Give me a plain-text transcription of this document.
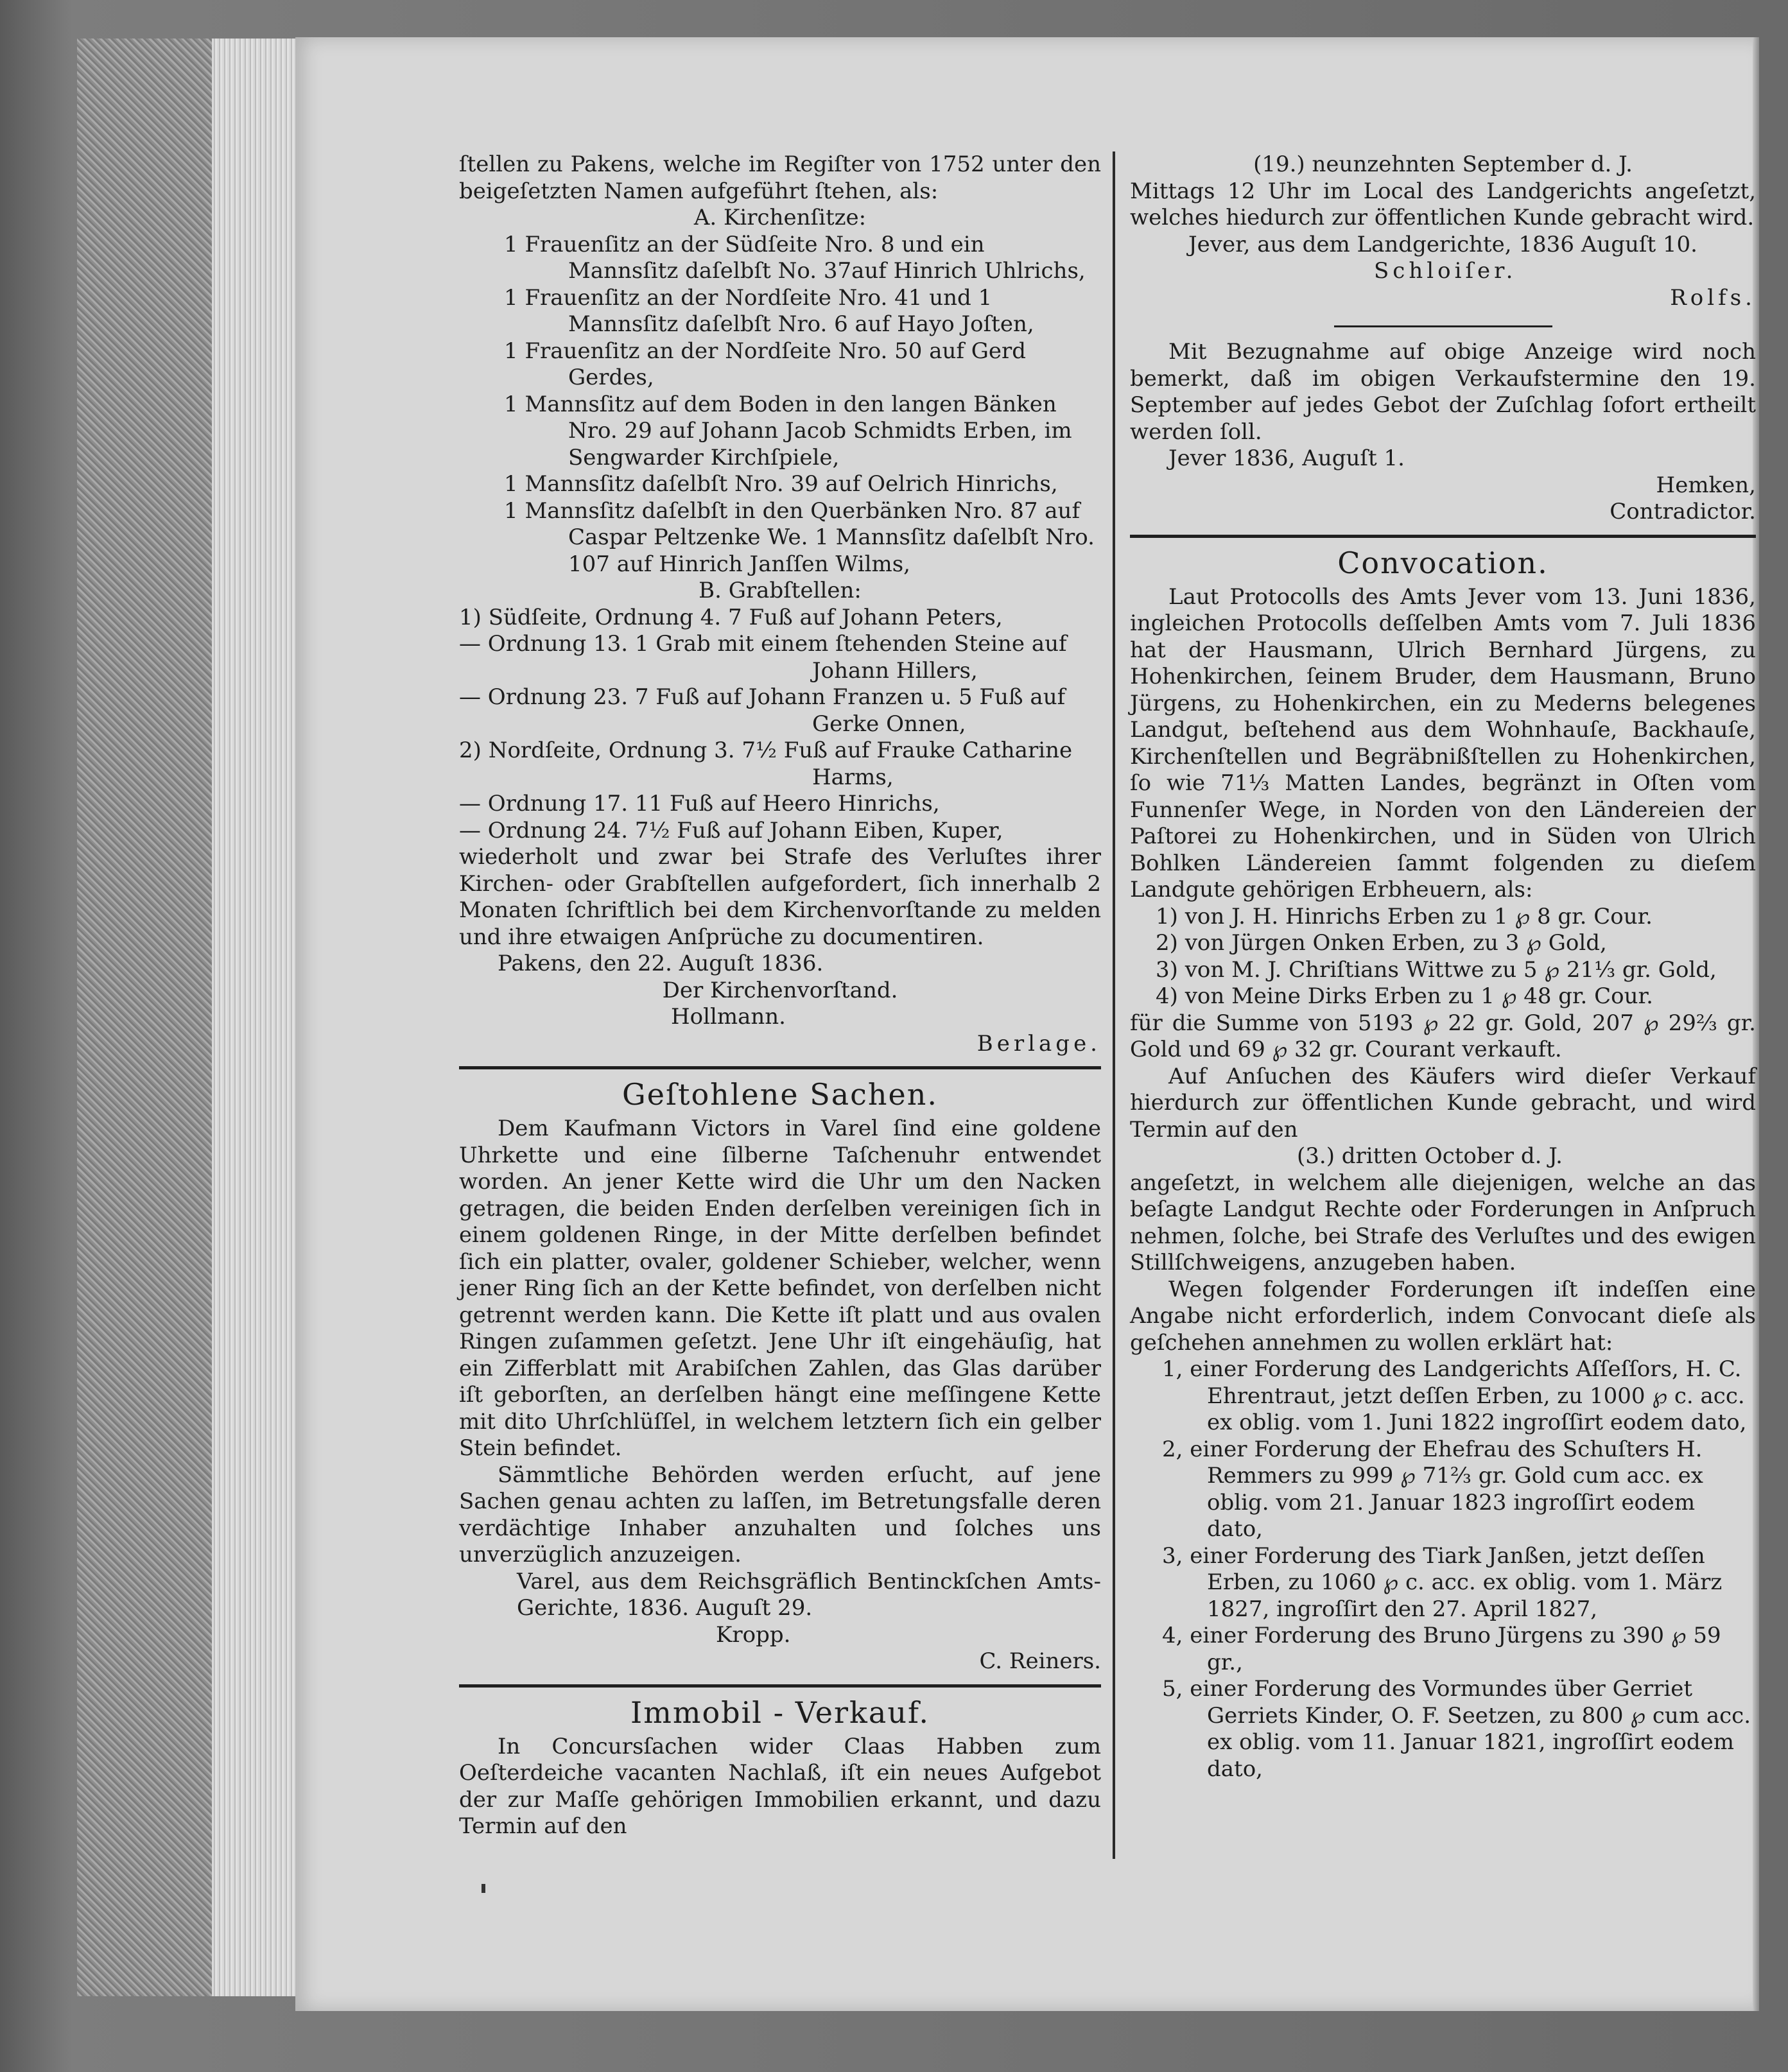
ſtellen zu Pakens, welche im Regiſter von 1752 unter den beigeſetzten Namen aufgeführt ſtehen, als:

A. Kirchenſitze:

1 Frauenſitz an der Südſeite Nro. 8 und ein Mannsſitz daſelbſt No. 37auf Hinrich Uhlrichs,

1 Frauenſitz an der Nordſeite Nro. 41 und 1 Mannsſitz daſelbſt Nro. 6 auf Hayo Joſten,

1 Frauenſitz an der Nordſeite Nro. 50 auf Gerd Gerdes,

1 Mannsſitz auf dem Boden in den langen Bänken Nro. 29 auf Johann Jacob Schmidts Erben, im Sengwarder Kirchſpiele,

1 Mannsſitz daſelbſt Nro. 39 auf Oelrich Hinrichs,

1 Mannsſitz daſelbſt in den Querbänken Nro. 87 auf Caspar Peltzenke We. 1 Mannsſitz daſelbſt Nro. 107 auf Hinrich Janſſen Wilms,

B. Grabſtellen:

1) Südſeite, Ordnung 4. 7 Fuß auf Johann Peters,

— Ordnung 13. 1 Grab mit einem ſtehenden Steine auf Johann Hillers,

— Ordnung 23. 7 Fuß auf Johann Franzen u. 5 Fuß auf Gerke Onnen,

2) Nordſeite, Ordnung 3. 7½ Fuß auf Frauke Catharine Harms,

— Ordnung 17. 11 Fuß auf Heero Hinrichs,

— Ordnung 24. 7½ Fuß auf Johann Eiben, Kuper,

wiederholt und zwar bei Strafe des Verluſtes ihrer Kirchen- oder Grabſtellen aufgefordert, ſich innerhalb 2 Monaten ſchriftlich bei dem Kirchenvorſtande zu melden und ihre etwaigen Anſprüche zu documentiren.

Pakens, den 22. Auguſt 1836.

Der Kirchenvorſtand.

Hollmann.

Berlage.

Geſtohlene Sachen.

Dem Kaufmann Victors in Varel ſind eine goldene Uhrkette und eine ſilberne Taſchenuhr entwendet worden. An jener Kette wird die Uhr um den Nacken getragen, die beiden Enden derſelben vereinigen ſich in einem goldenen Ringe, in der Mitte derſelben befindet ſich ein platter, ovaler, goldener Schieber, welcher, wenn jener Ring ſich an der Kette befindet, von derſelben nicht getrennt werden kann. Die Kette iſt platt und aus ovalen Ringen zuſammen geſetzt. Jene Uhr iſt eingehäuſig, hat ein Zifferblatt mit Arabiſchen Zahlen, das Glas darüber iſt geborſten, an derſelben hängt eine meſſingene Kette mit dito Uhrſchlüſſel, in welchem letztern ſich ein gelber Stein befindet.

Sämmtliche Behörden werden erſucht, auf jene Sachen genau achten zu laſſen, im Betretungsfalle deren verdächtige Inhaber anzuhalten und ſolches uns unverzüglich anzuzeigen.

Varel, aus dem Reichsgräflich Bentinckſchen Amts- Gerichte, 1836. Auguſt 29.

Kropp.

C. Reiners.

Immobil ‑ Verkauf.

In Concursſachen wider Claas Habben zum Oeſterdeiche vacanten Nachlaß, iſt ein neues Aufgebot der zur Maſſe gehörigen Immobilien erkannt, und dazu Termin auf den

(19.) neunzehnten September d. J.

Mittags 12 Uhr im Local des Landgerichts angeſetzt, welches hiedurch zur öffentlichen Kunde gebracht wird.

Jever, aus dem Landgerichte, 1836 Auguſt 10.

Schloiſer.

Rolfs.

Mit Bezugnahme auf obige Anzeige wird noch bemerkt, daß im obigen Verkaufstermine den 19. September auf jedes Gebot der Zuſchlag ſofort ertheilt werden ſoll.

Jever 1836, Auguſt 1.

Hemken,

Contradictor.

Convocation.

Laut Protocolls des Amts Jever vom 13. Juni 1836, ingleichen Protocolls deſſelben Amts vom 7. Juli 1836 hat der Hausmann, Ulrich Bernhard Jürgens, zu Hohenkirchen, ſeinem Bruder, dem Hausmann, Bruno Jürgens, zu Hohenkirchen, ein zu Mederns belegenes Landgut, beſtehend aus dem Wohnhauſe, Backhauſe, Kirchenſtellen und Begräbnißſtellen zu Hohenkirchen, ſo wie 71⅓ Matten Landes, begränzt in Oſten vom Funnenſer Wege, in Norden von den Ländereien der Paſtorei zu Hohenkirchen, und in Süden von Ulrich Bohlken Ländereien ſammt folgenden zu dieſem Landgute gehörigen Erbheuern, als:

1) von J. H. Hinrichs Erben zu 1 ℘ 8 gr. Cour.

2) von Jürgen Onken Erben, zu 3 ℘ Gold,

3) von M. J. Chriſtians Wittwe zu 5 ℘ 21⅓ gr. Gold,

4) von Meine Dirks Erben zu 1 ℘ 48 gr. Cour.

für die Summe von 5193 ℘ 22 gr. Gold, 207 ℘ 29⅔ gr. Gold und 69 ℘ 32 gr. Courant verkauft.

Auf Anſuchen des Käufers wird dieſer Verkauf hierdurch zur öffentlichen Kunde gebracht, und wird Termin auf den

(3.) dritten October d. J.

angeſetzt, in welchem alle diejenigen, welche an das beſagte Landgut Rechte oder Forderungen in Anſpruch nehmen, ſolche, bei Strafe des Verluſtes und des ewigen Stillſchweigens, anzugeben haben.

Wegen folgender Forderungen iſt indeſſen eine Angabe nicht erforderlich, indem Convocant dieſe als geſchehen annehmen zu wollen erklärt hat:

1, einer Forderung des Landgerichts Aſſeſſors, H. C. Ehrentraut, jetzt deſſen Erben, zu 1000 ℘ c. acc. ex oblig. vom 1. Juni 1822 ingroſſirt eodem dato,

2, einer Forderung der Ehefrau des Schuſters H. Remmers zu 999 ℘ 71⅔ gr. Gold cum acc. ex oblig. vom 21. Januar 1823 ingroſſirt eodem dato,

3, einer Forderung des Tiark Janßen, jetzt deſſen Erben, zu 1060 ℘ c. acc. ex oblig. vom 1. März 1827, ingroſſirt den 27. April 1827,

4, einer Forderung des Bruno Jürgens zu 390 ℘ 59 gr.,

5, einer Forderung des Vormundes über Gerriet Gerriets Kinder, O. F. Seetzen, zu 800 ℘ cum acc. ex oblig. vom 11. Januar 1821, ingroſſirt eodem dato,
